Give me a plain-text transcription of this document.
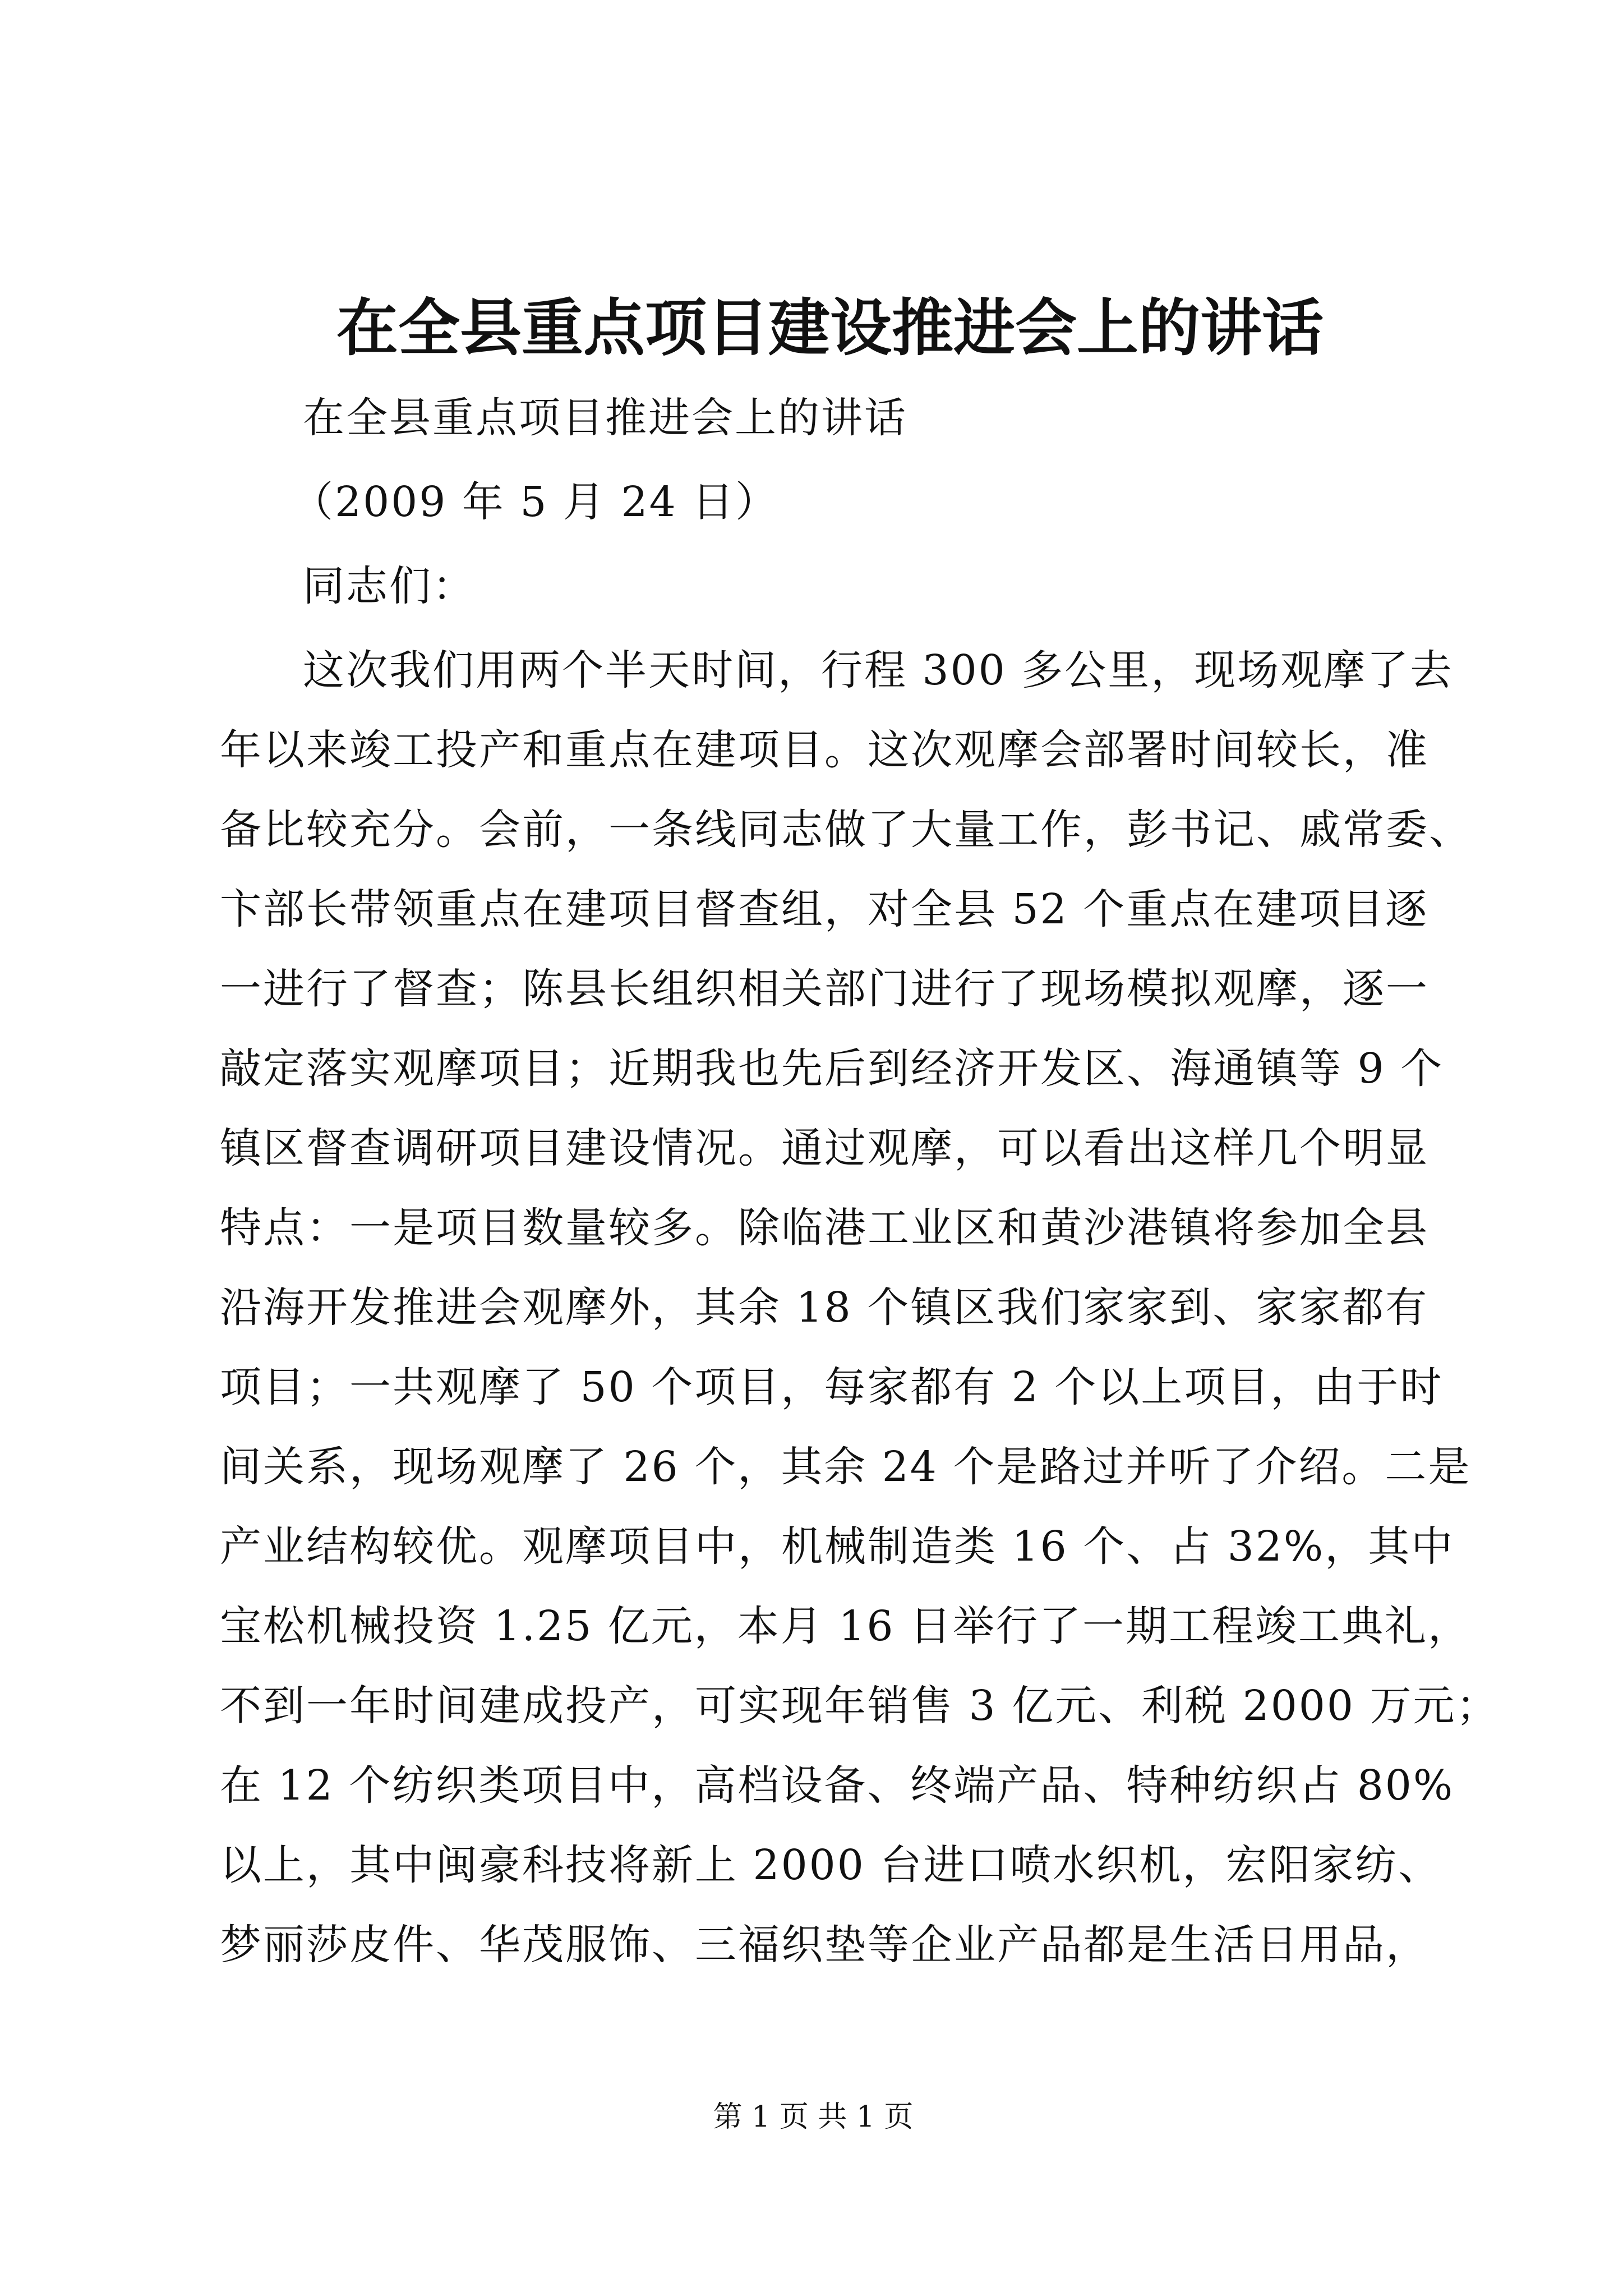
在全县重点项目建设推进会上的讲话

在全县重点项目推进会上的讲话

（2009 年 5 月 24 日）

同志们：

这次我们用两个半天时间，行程 300 多公里，现场观摩了去

年以来竣工投产和重点在建项目。这次观摩会部署时间较长，准

备比较充分。会前，一条线同志做了大量工作，彭书记、戚常委、

卞部长带领重点在建项目督查组，对全县 52 个重点在建项目逐

一进行了督查；陈县长组织相关部门进行了现场模拟观摩，逐一

敲定落实观摩项目；近期我也先后到经济开发区、海通镇等 9 个

镇区督查调研项目建设情况。通过观摩，可以看出这样几个明显

特点：一是项目数量较多。除临港工业区和黄沙港镇将参加全县

沿海开发推进会观摩外，其余 18 个镇区我们家家到、家家都有

项目；一共观摩了 50 个项目，每家都有 2 个以上项目，由于时

间关系，现场观摩了 26 个，其余 24 个是路过并听了介绍。二是

产业结构较优。观摩项目中，机械制造类 16 个、占 32%，其中

宝松机械投资 1.25 亿元，本月 16 日举行了一期工程竣工典礼，

不到一年时间建成投产，可实现年销售 3 亿元、利税 2000 万元；

在 12 个纺织类项目中，高档设备、终端产品、特种纺织占 80%

以上，其中闽豪科技将新上 2000 台进口喷水织机，宏阳家纺、

梦丽莎皮件、华茂服饰、三福织垫等企业产品都是生活日用品，

第 1 页 共 1 页
